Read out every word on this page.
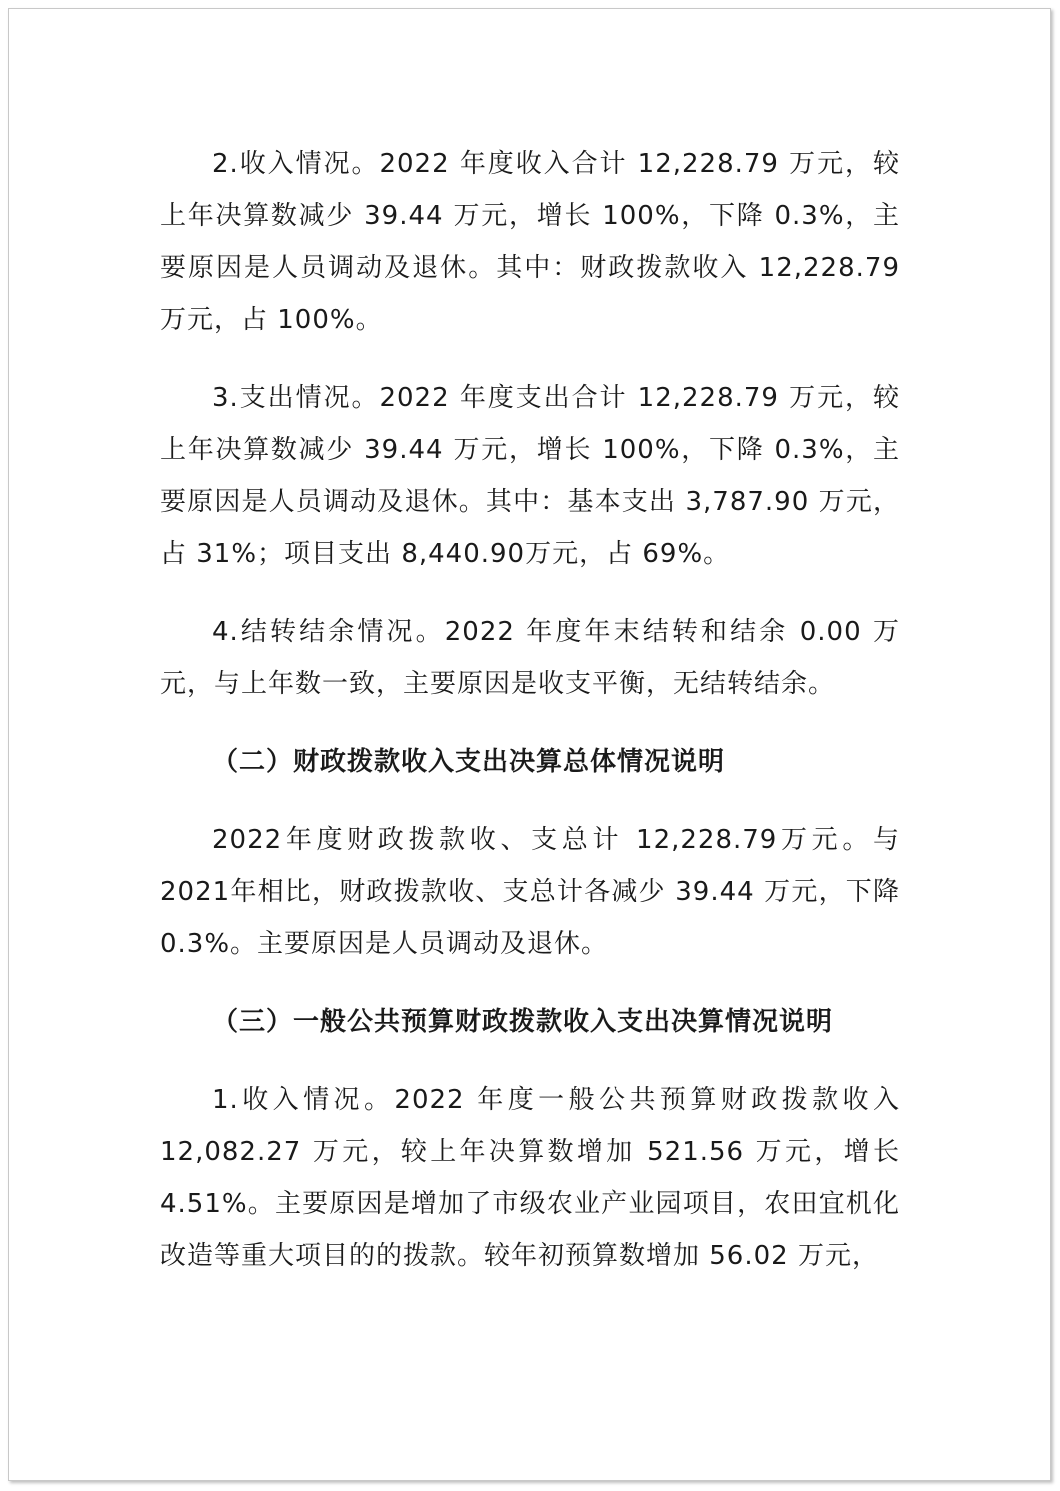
2.收入情况。2022 年度收入合计 12,228.79 万元，较上年决算数减少 39.44 万元，增长 100%，下降 0.3%，主要原因是人员调动及退休。其中：财政拨款收入 12,228.79 万元，占 100%。

3.支出情况。2022 年度支出合计 12,228.79 万元，较上年决算数减少 39.44 万元，增长 100%，下降 0.3%，主要原因是人员调动及退休。其中：基本支出 3,787.90 万元，占 31%；项目支出 8,440.90万元，占 69%。

4.结转结余情况。2022 年度年末结转和结余 0.00 万元，与上年数一致，主要原因是收支平衡，无结转结余。

（二）财政拨款收入支出决算总体情况说明

2022年度财政拨款收、支总计 12,228.79万元。与 2021年相比，财政拨款收、支总计各减少 39.44 万元，下降0.3%。主要原因是人员调动及退休。

（三）一般公共预算财政拨款收入支出决算情况说明

1.收入情况。2022 年度一般公共预算财政拨款收入12,082.27 万元，较上年决算数增加 521.56 万元，增长4.51%。主要原因是增加了市级农业产业园项目，农田宜机化改造等重大项目的的拨款。较年初预算数增加 56.02 万元，
